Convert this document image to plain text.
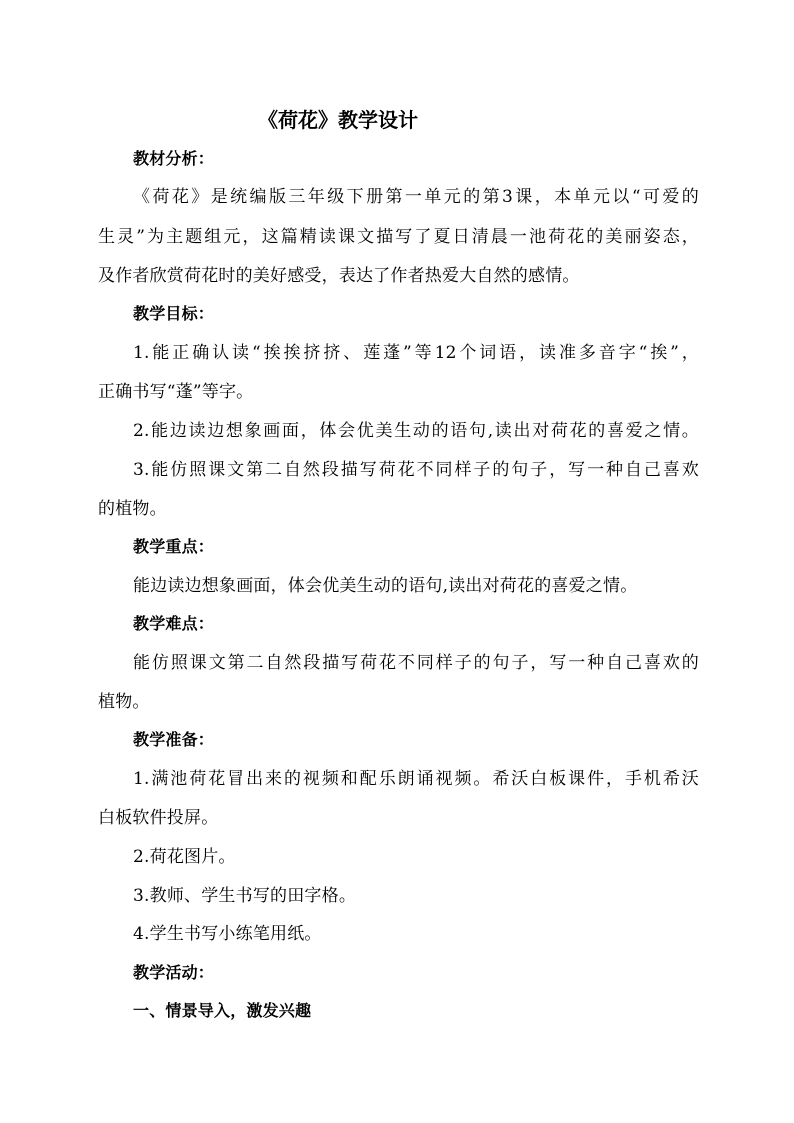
《荷花》教学设计
教材分析：
《荷花》是统编版三年级下册第一单元的第3课，本单元以“可爱的
生灵”为主题组元，这篇精读课文描写了夏日清晨一池荷花的美丽姿态，
及作者欣赏荷花时的美好感受，表达了作者热爱大自然的感情。
教学目标：
1.能正确认读“挨挨挤挤、莲蓬”等12个词语，读准多音字“挨”，
正确书写“蓬”等字。
2.能边读边想象画面，体会优美生动的语句,读出对荷花的喜爱之情。
3.能仿照课文第二自然段描写荷花不同样子的句子，写一种自己喜欢
的植物。
教学重点：
能边读边想象画面，体会优美生动的语句,读出对荷花的喜爱之情。
教学难点：
能仿照课文第二自然段描写荷花不同样子的句子，写一种自己喜欢的
植物。
教学准备：
1.满池荷花冒出来的视频和配乐朗诵视频。希沃白板课件，手机希沃
白板软件投屏。
2.荷花图片。
3.教师、学生书写的田字格。
4.学生书写小练笔用纸。
教学活动：
一、情景导入，激发兴趣
